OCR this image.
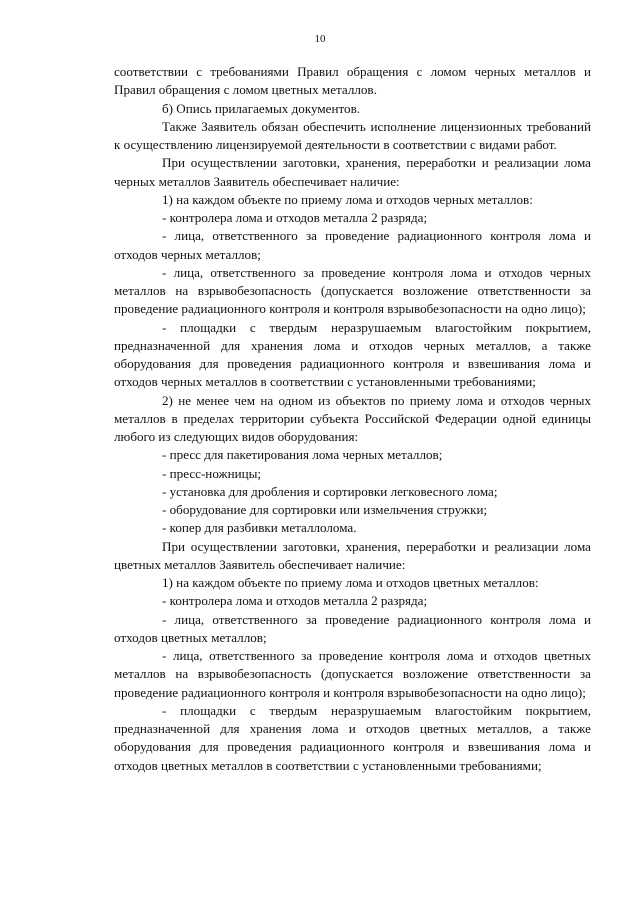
10

соответствии с требованиями Правил обращения с ломом черных металлов и Правил обращения с ломом цветных металлов.

б) Опись прилагаемых документов.

Также Заявитель обязан обеспечить исполнение лицензионных требований к осуществлению лицензируемой деятельности в соответствии с видами работ.

При осуществлении заготовки, хранения, переработки и реализации лома черных металлов Заявитель обеспечивает наличие:

1) на каждом объекте по приему лома и отходов черных металлов:

- контролера лома и отходов металла 2 разряда;

- лица, ответственного за проведение радиационного контроля лома и отходов черных металлов;

- лица, ответственного за проведение контроля лома и отходов черных металлов на взрывобезопасность (допускается возложение ответственности за проведение радиационного контроля и контроля взрывобезопасности на одно лицо);

- площадки с твердым неразрушаемым влагостойким покрытием, предназначенной для хранения лома и отходов черных металлов, а также оборудования для проведения радиационного контроля и взвешивания лома и отходов черных металлов в соответствии с установленными требованиями;

2) не менее чем на одном из объектов по приему лома и отходов черных металлов в пределах территории субъекта Российской Федерации одной единицы любого из следующих видов оборудования:

- пресс для пакетирования лома черных металлов;

- пресс-ножницы;

- установка для дробления и сортировки легковесного лома;

- оборудование для сортировки или измельчения стружки;

- копер для разбивки металлолома.

При осуществлении заготовки, хранения, переработки и реализации лома цветных металлов Заявитель обеспечивает наличие:

1) на каждом объекте по приему лома и отходов цветных металлов:

- контролера лома и отходов металла 2 разряда;

- лица, ответственного за проведение радиационного контроля лома и отходов цветных металлов;

- лица, ответственного за проведение контроля лома и отходов цветных металлов на взрывобезопасность (допускается возложение ответственности за проведение радиационного контроля и контроля взрывобезопасности на одно лицо);

- площадки с твердым неразрушаемым влагостойким покрытием, предназначенной для хранения лома и отходов цветных металлов, а также оборудования для проведения радиационного контроля и взвешивания лома и отходов цветных металлов в соответствии с установленными требованиями;
